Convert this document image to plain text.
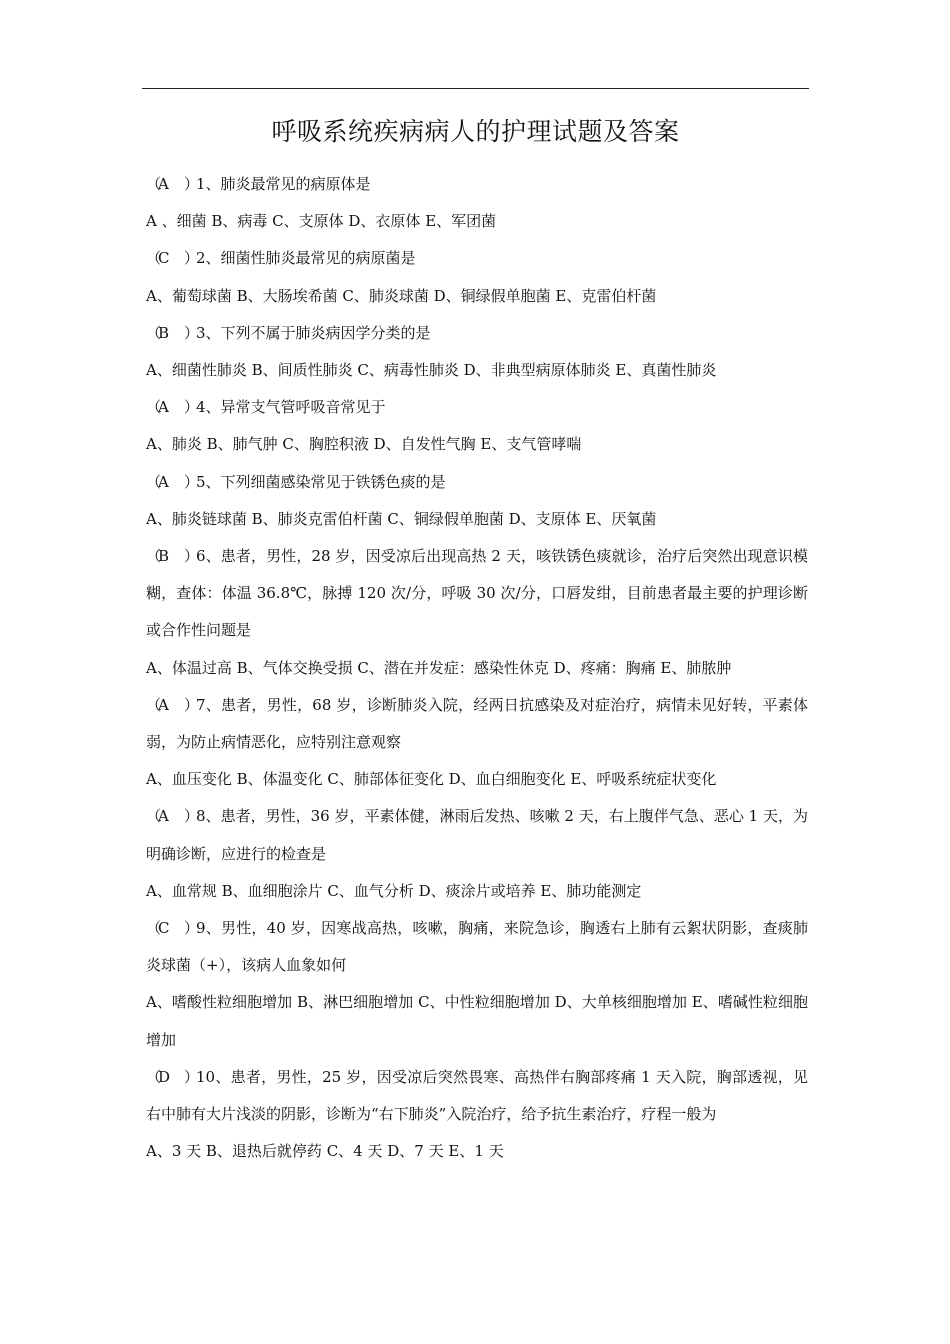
呼吸系统疾病病人的护理试题及答案
（A ）1、肺炎最常见的病原体是
A 、细菌 B、病毒 C、支原体 D、衣原体 E、军团菌
（C ）2、细菌性肺炎最常见的病原菌是
A、葡萄球菌 B、大肠埃希菌 C、肺炎球菌 D、铜绿假单胞菌 E、克雷伯杆菌
（B ）3、下列不属于肺炎病因学分类的是
A、细菌性肺炎 B、间质性肺炎 C、病毒性肺炎 D、非典型病原体肺炎 E、真菌性肺炎
（A ）4、异常支气管呼吸音常见于
A、肺炎 B、肺气肿 C、胸腔积液 D、自发性气胸 E、支气管哮喘
（A ）5、下列细菌感染常见于铁锈色痰的是
A、肺炎链球菌 B、肺炎克雷伯杆菌 C、铜绿假单胞菌 D、支原体 E、厌氧菌
（B ）6、患者，男性，28 岁，因受凉后出现高热 2 天，咳铁锈色痰就诊，治疗后突然出现意识模糊，查体：体温 36.8℃，脉搏 120 次/分，呼吸 30 次/分，口唇发绀，目前患者最主要的护理诊断或合作性问题是
A、体温过高 B、气体交换受损 C、潜在并发症：感染性休克 D、疼痛：胸痛 E、肺脓肿
（A ）7、患者，男性，68 岁，诊断肺炎入院，经两日抗感染及对症治疗，病情未见好转，平素体弱，为防止病情恶化，应特别注意观察
A、血压变化 B、体温变化 C、肺部体征变化 D、血白细胞变化 E、呼吸系统症状变化
（A ）8、患者，男性，36 岁，平素体健，淋雨后发热、咳嗽 2 天，右上腹伴气急、恶心 1 天，为明确诊断，应进行的检查是
A、血常规 B、血细胞涂片 C、血气分析 D、痰涂片或培养 E、肺功能测定
（C ）9、男性，40 岁，因寒战高热，咳嗽，胸痛，来院急诊，胸透右上肺有云絮状阴影，查痰肺炎球菌（+），该病人血象如何
A、嗜酸性粒细胞增加 B、淋巴细胞增加 C、中性粒细胞增加 D、大单核细胞增加 E、嗜碱性粒细胞增加
（D ）10、患者，男性，25 岁，因受凉后突然畏寒、高热伴右胸部疼痛 1 天入院，胸部透视，见右中肺有大片浅淡的阴影，诊断为“右下肺炎”入院治疗，给予抗生素治疗，疗程一般为
A、3 天 B、退热后就停药 C、4 天 D、7 天 E、1 天
